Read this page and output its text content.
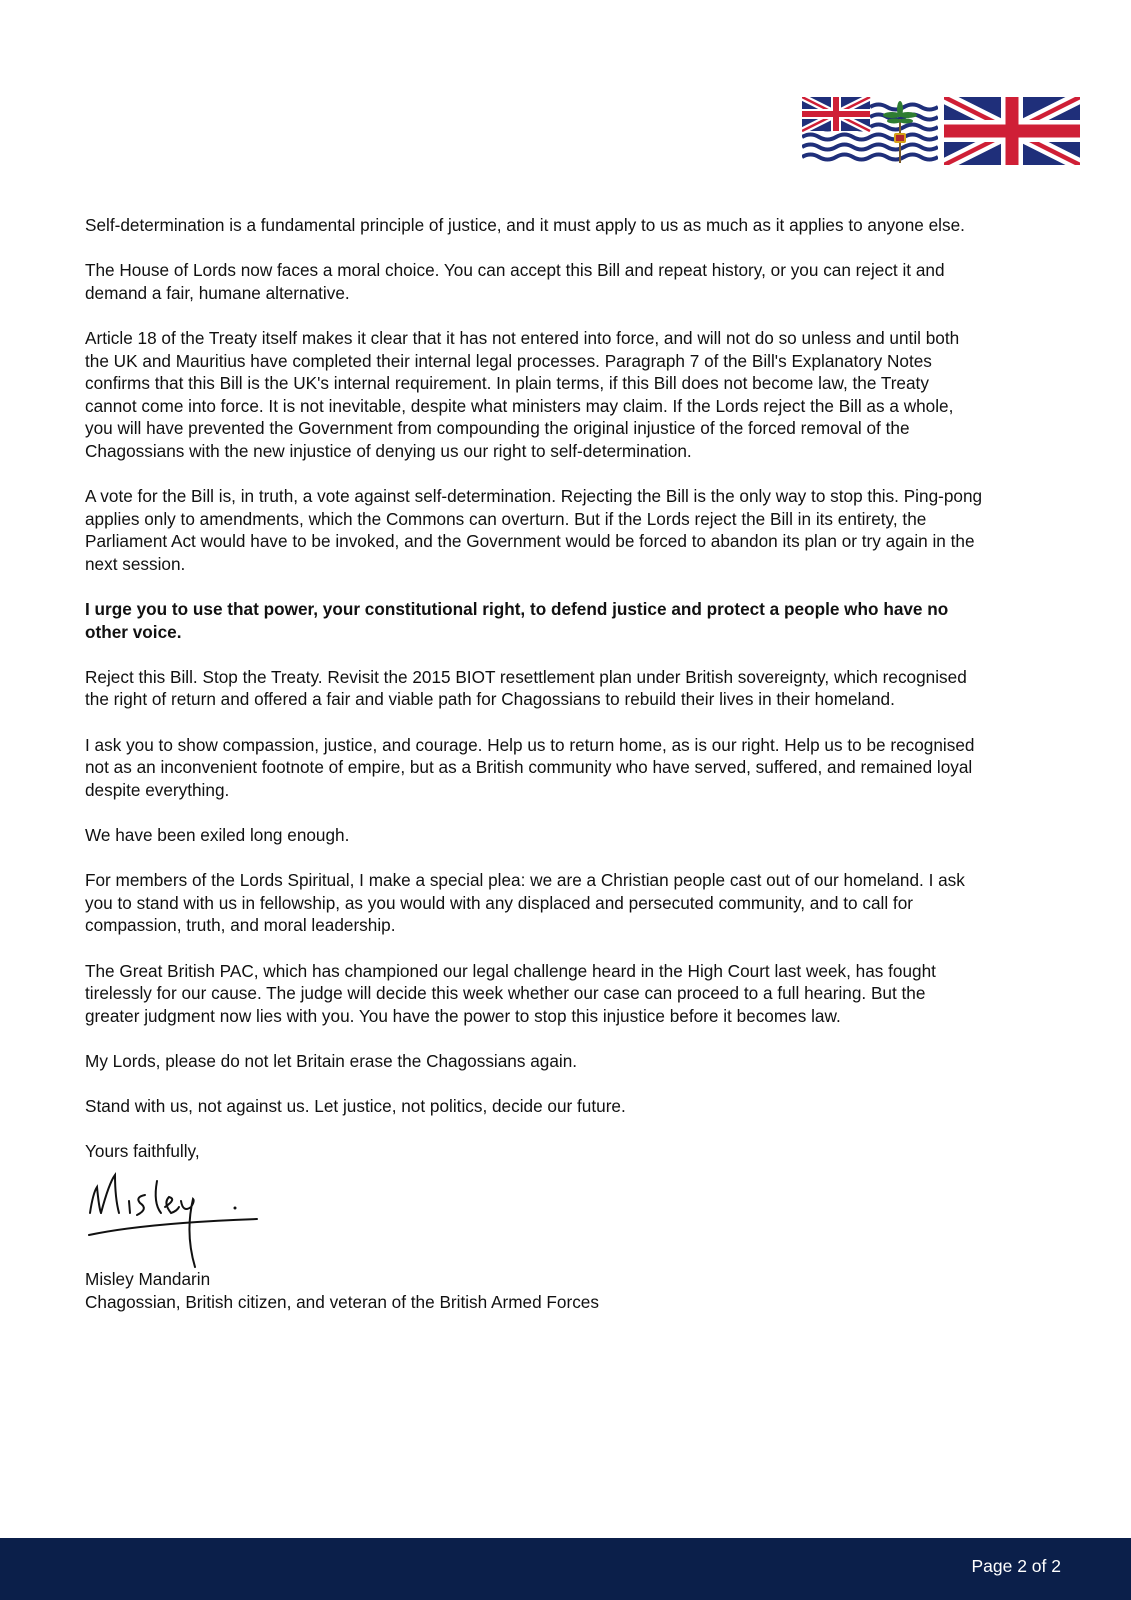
Self-determination is a fundamental principle of justice, and it must apply to us as much as it applies to anyone else.

The House of Lords now faces a moral choice. You can accept this Bill and repeat history, or you can reject it and
demand a fair, humane alternative.

Article 18 of the Treaty itself makes it clear that it has not entered into force, and will not do so unless and until both
the UK and Mauritius have completed their internal legal processes. Paragraph 7 of the Bill's Explanatory Notes
confirms that this Bill is the UK's internal requirement. In plain terms, if this Bill does not become law, the Treaty
cannot come into force. It is not inevitable, despite what ministers may claim. If the Lords reject the Bill as a whole,
you will have prevented the Government from compounding the original injustice of the forced removal of the
Chagossians with the new injustice of denying us our right to self-determination.

A vote for the Bill is, in truth, a vote against self-determination. Rejecting the Bill is the only way to stop this. Ping-pong
applies only to amendments, which the Commons can overturn. But if the Lords reject the Bill in its entirety, the
Parliament Act would have to be invoked, and the Government would be forced to abandon its plan or try again in the
next session.

I urge you to use that power, your constitutional right, to defend justice and protect a people who have no
other voice.

Reject this Bill. Stop the Treaty. Revisit the 2015 BIOT resettlement plan under British sovereignty, which recognised
the right of return and offered a fair and viable path for Chagossians to rebuild their lives in their homeland.

I ask you to show compassion, justice, and courage. Help us to return home, as is our right. Help us to be recognised
not as an inconvenient footnote of empire, but as a British community who have served, suffered, and remained loyal
despite everything.

We have been exiled long enough.

For members of the Lords Spiritual, I make a special plea: we are a Christian people cast out of our homeland. I ask
you to stand with us in fellowship, as you would with any displaced and persecuted community, and to call for
compassion, truth, and moral leadership.

The Great British PAC, which has championed our legal challenge heard in the High Court last week, has fought
tirelessly for our cause. The judge will decide this week whether our case can proceed to a full hearing. But the
greater judgment now lies with you. You have the power to stop this injustice before it becomes law.

My Lords, please do not let Britain erase the Chagossians again.

Stand with us, not against us. Let justice, not politics, decide our future.

Yours faithfully,

Misley Mandarin

Chagossian, British citizen, and veteran of the British Armed Forces

Page 2 of 2
